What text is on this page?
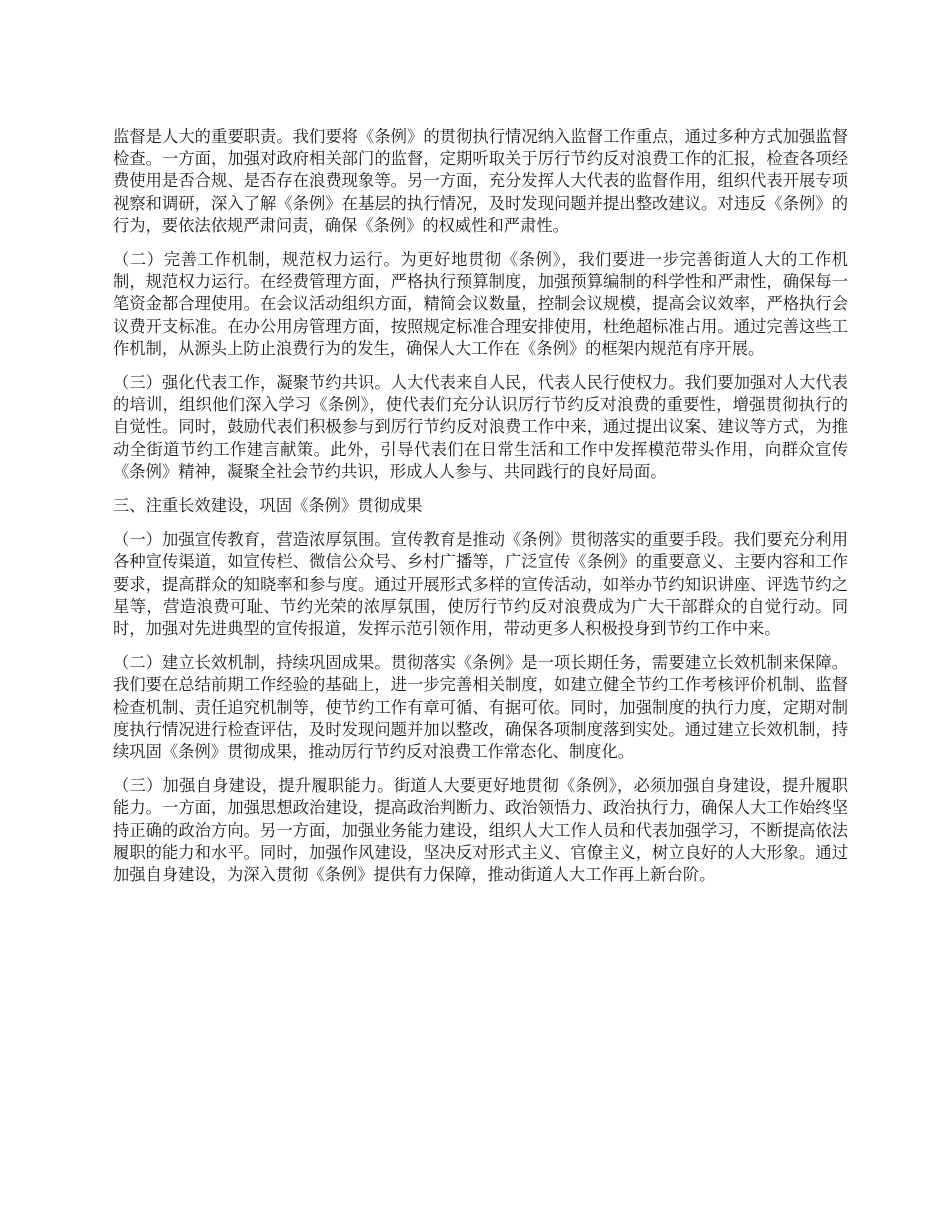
监督是人大的重要职责。我们要将《条例》的贯彻执行情况纳入监督工作重点，通过多种方式加强监督检查。一方面，加强对政府相关部门的监督，定期听取关于厉行节约反对浪费工作的汇报，检查各项经费使用是否合规、是否存在浪费现象等。另一方面，充分发挥人大代表的监督作用，组织代表开展专项视察和调研，深入了解《条例》在基层的执行情况，及时发现问题并提出整改建议。对违反《条例》的行为，要依法依规严肃问责，确保《条例》的权威性和严肃性。

（二）完善工作机制，规范权力运行。为更好地贯彻《条例》，我们要进一步完善街道人大的工作机制，规范权力运行。在经费管理方面，严格执行预算制度，加强预算编制的科学性和严肃性，确保每一笔资金都合理使用。在会议活动组织方面，精简会议数量，控制会议规模，提高会议效率，严格执行会议费开支标准。在办公用房管理方面，按照规定标准合理安排使用，杜绝超标准占用。通过完善这些工作机制，从源头上防止浪费行为的发生，确保人大工作在《条例》的框架内规范有序开展。

（三）强化代表工作，凝聚节约共识。人大代表来自人民，代表人民行使权力。我们要加强对人大代表的培训，组织他们深入学习《条例》，使代表们充分认识厉行节约反对浪费的重要性，增强贯彻执行的自觉性。同时，鼓励代表们积极参与到厉行节约反对浪费工作中来，通过提出议案、建议等方式，为推动全街道节约工作建言献策。此外，引导代表们在日常生活和工作中发挥模范带头作用，向群众宣传《条例》精神，凝聚全社会节约共识，形成人人参与、共同践行的良好局面。

三、注重长效建设，巩固《条例》贯彻成果

（一）加强宣传教育，营造浓厚氛围。宣传教育是推动《条例》贯彻落实的重要手段。我们要充分利用各种宣传渠道，如宣传栏、微信公众号、乡村广播等，广泛宣传《条例》的重要意义、主要内容和工作要求，提高群众的知晓率和参与度。通过开展形式多样的宣传活动，如举办节约知识讲座、评选节约之星等，营造浪费可耻、节约光荣的浓厚氛围，使厉行节约反对浪费成为广大干部群众的自觉行动。同时，加强对先进典型的宣传报道，发挥示范引领作用，带动更多人积极投身到节约工作中来。

（二）建立长效机制，持续巩固成果。贯彻落实《条例》是一项长期任务，需要建立长效机制来保障。我们要在总结前期工作经验的基础上，进一步完善相关制度，如建立健全节约工作考核评价机制、监督检查机制、责任追究机制等，使节约工作有章可循、有据可依。同时，加强制度的执行力度，定期对制度执行情况进行检查评估，及时发现问题并加以整改，确保各项制度落到实处。通过建立长效机制，持续巩固《条例》贯彻成果，推动厉行节约反对浪费工作常态化、制度化。

（三）加强自身建设，提升履职能力。街道人大要更好地贯彻《条例》，必须加强自身建设，提升履职能力。一方面，加强思想政治建设，提高政治判断力、政治领悟力、政治执行力，确保人大工作始终坚持正确的政治方向。另一方面，加强业务能力建设，组织人大工作人员和代表加强学习，不断提高依法履职的能力和水平。同时，加强作风建设，坚决反对形式主义、官僚主义，树立良好的人大形象。通过加强自身建设，为深入贯彻《条例》提供有力保障，推动街道人大工作再上新台阶。
